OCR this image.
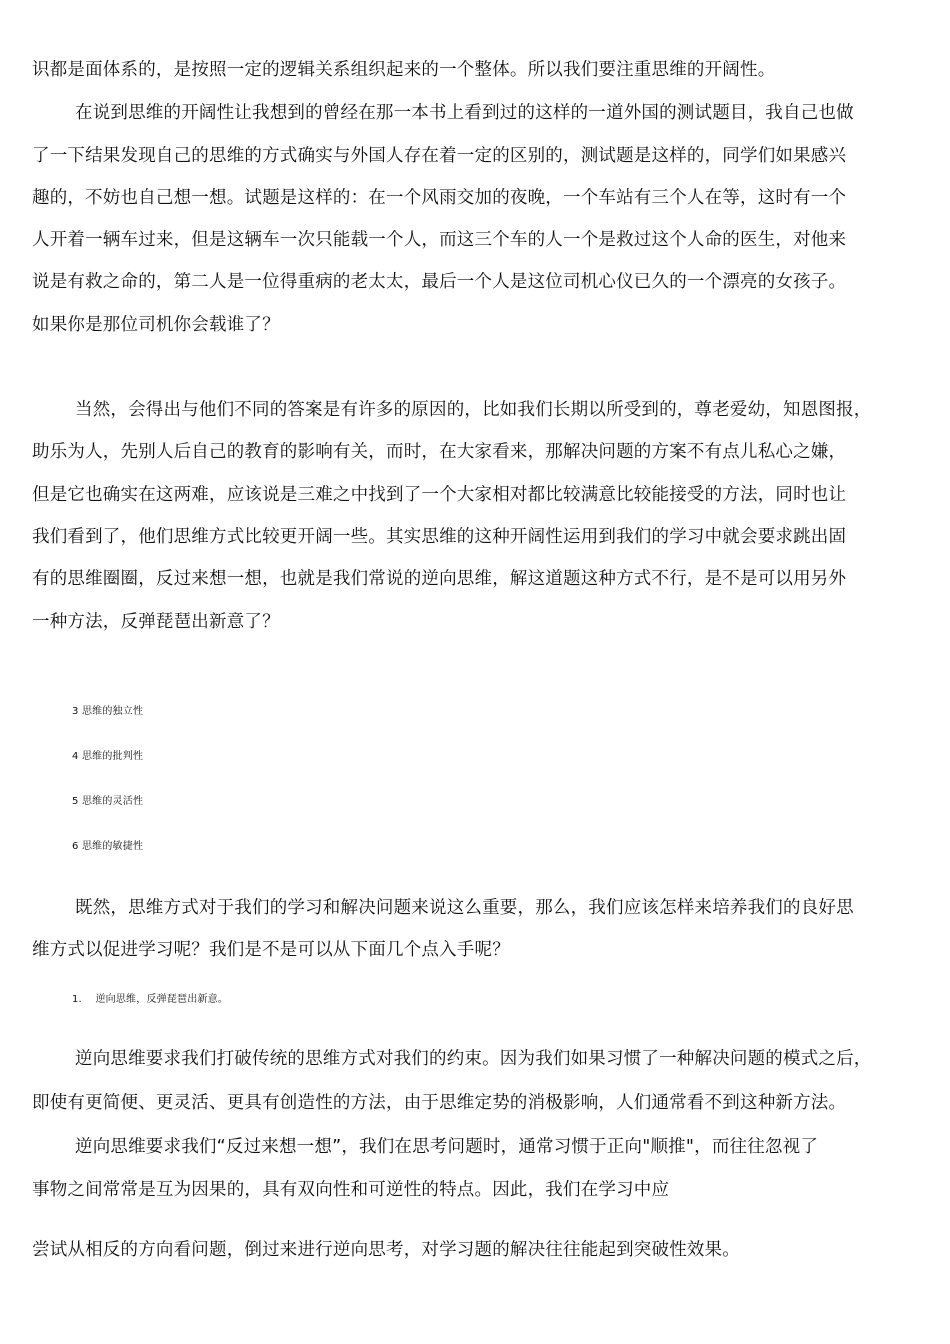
识都是面体系的，是按照一定的逻辑关系组织起来的一个整体。所以我们要注重思维的开阔性。
在说到思维的开阔性让我想到的曾经在那一本书上看到过的这样的一道外国的测试题目，我自己也做
了一下结果发现自己的思维的方式确实与外国人存在着一定的区别的，测试题是这样的，同学们如果感兴
趣的，不妨也自己想一想。试题是这样的：在一个风雨交加的夜晚，一个车站有三个人在等，这时有一个
人开着一辆车过来，但是这辆车一次只能载一个人，而这三个车的人一个是救过这个人命的医生，对他来
说是有救之命的，第二人是一位得重病的老太太，最后一个人是这位司机心仪已久的一个漂亮的女孩子。
如果你是那位司机你会载谁了？
当然，会得出与他们不同的答案是有许多的原因的，比如我们长期以所受到的，尊老爱幼，知恩图报，
助乐为人，先别人后自己的教育的影响有关，而时，在大家看来，那解决问题的方案不有点儿私心之嫌，
但是它也确实在这两难，应该说是三难之中找到了一个大家相对都比较满意比较能接受的方法，同时也让
我们看到了，他们思维方式比较更开阔一些。其实思维的这种开阔性运用到我们的学习中就会要求跳出固
有的思维圈圈，反过来想一想，也就是我们常说的逆向思维，解这道题这种方式不行，是不是可以用另外
一种方法，反弹琵琶出新意了？
3 思维的独立性
4 思维的批判性
5 思维的灵活性
6 思维的敏捷性
既然，思维方式对于我们的学习和解决问题来说这么重要，那么，我们应该怎样来培养我们的良好思
维方式以促进学习呢？我们是不是可以从下面几个点入手呢？
1.    逆向思维，反弹琵琶出新意。
逆向思维要求我们打破传统的思维方式对我们的约束。因为我们如果习惯了一种解决问题的模式之后，
即使有更简便、更灵活、更具有创造性的方法，由于思维定势的消极影响，人们通常看不到这种新方法。
逆向思维要求我们“反过来想一想”，我们在思考问题时，通常习惯于正向"顺推"，而往往忽视了
事物之间常常是互为因果的，具有双向性和可逆性的特点。因此，我们在学习中应
尝试从相反的方向看问题，倒过来进行逆向思考，对学习题的解决往往能起到突破性效果。
